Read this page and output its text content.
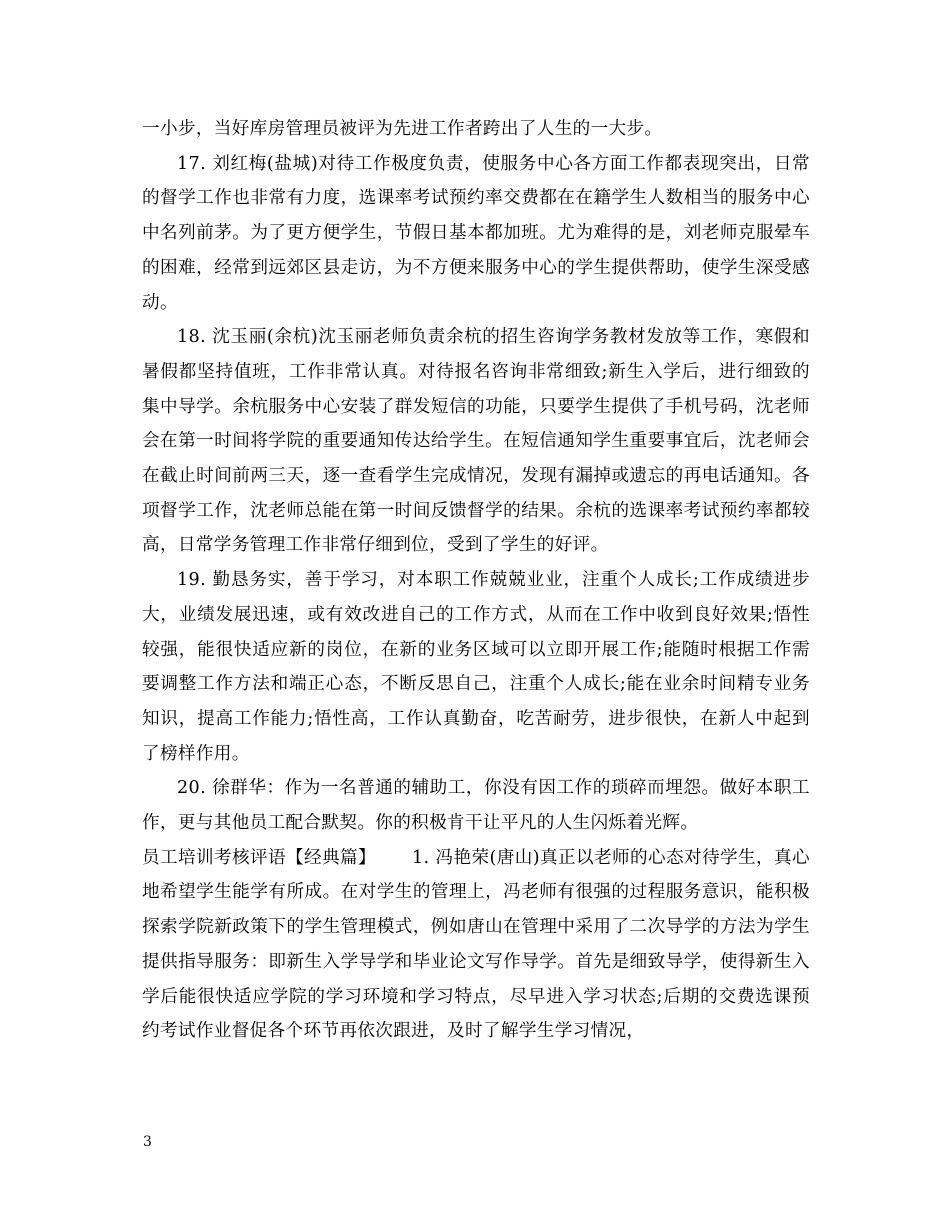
一小步，当好库房管理员被评为先进工作者跨出了人生的一大步。

17. 刘红梅(盐城)对待工作极度负责，使服务中心各方面工作都表现突出，日常的督学工作也非常有力度，选课率考试预约率交费都在在籍学生人数相当的服务中心中名列前茅。为了更方便学生，节假日基本都加班。尤为难得的是，刘老师克服晕车的困难，经常到远郊区县走访，为不方便来服务中心的学生提供帮助，使学生深受感动。

18. 沈玉丽(余杭)沈玉丽老师负责余杭的招生咨询学务教材发放等工作，寒假和暑假都坚持值班，工作非常认真。对待报名咨询非常细致;新生入学后，进行细致的集中导学。余杭服务中心安装了群发短信的功能，只要学生提供了手机号码，沈老师会在第一时间将学院的重要通知传达给学生。在短信通知学生重要事宜后，沈老师会在截止时间前两三天，逐一查看学生完成情况，发现有漏掉或遗忘的再电话通知。各项督学工作，沈老师总能在第一时间反馈督学的结果。余杭的选课率考试预约率都较高，日常学务管理工作非常仔细到位，受到了学生的好评。

19. 勤恳务实，善于学习，对本职工作兢兢业业，注重个人成长;工作成绩进步大，业绩发展迅速，或有效改进自己的工作方式，从而在工作中收到良好效果;悟性较强，能很快适应新的岗位，在新的业务区域可以立即开展工作;能随时根据工作需要调整工作方法和端正心态，不断反思自己，注重个人成长;能在业余时间精专业务知识，提高工作能力;悟性高，工作认真勤奋，吃苦耐劳，进步很快，在新人中起到了榜样作用。

20. 徐群华：作为一名普通的辅助工，你没有因工作的琐碎而埋怨。做好本职工作，更与其他员工配合默契。你的积极肯干让平凡的人生闪烁着光辉。

员工培训考核评语【经典篇】 1. 冯艳荣(唐山)真正以老师的心态对待学生，真心地希望学生能学有所成。在对学生的管理上，冯老师有很强的过程服务意识，能积极探索学院新政策下的学生管理模式，例如唐山在管理中采用了二次导学的方法为学生提供指导服务：即新生入学导学和毕业论文写作导学。首先是细致导学，使得新生入学后能很快适应学院的学习环境和学习特点，尽早进入学习状态;后期的交费选课预约考试作业督促各个环节再依次跟进，及时了解学生学习情况，

3
